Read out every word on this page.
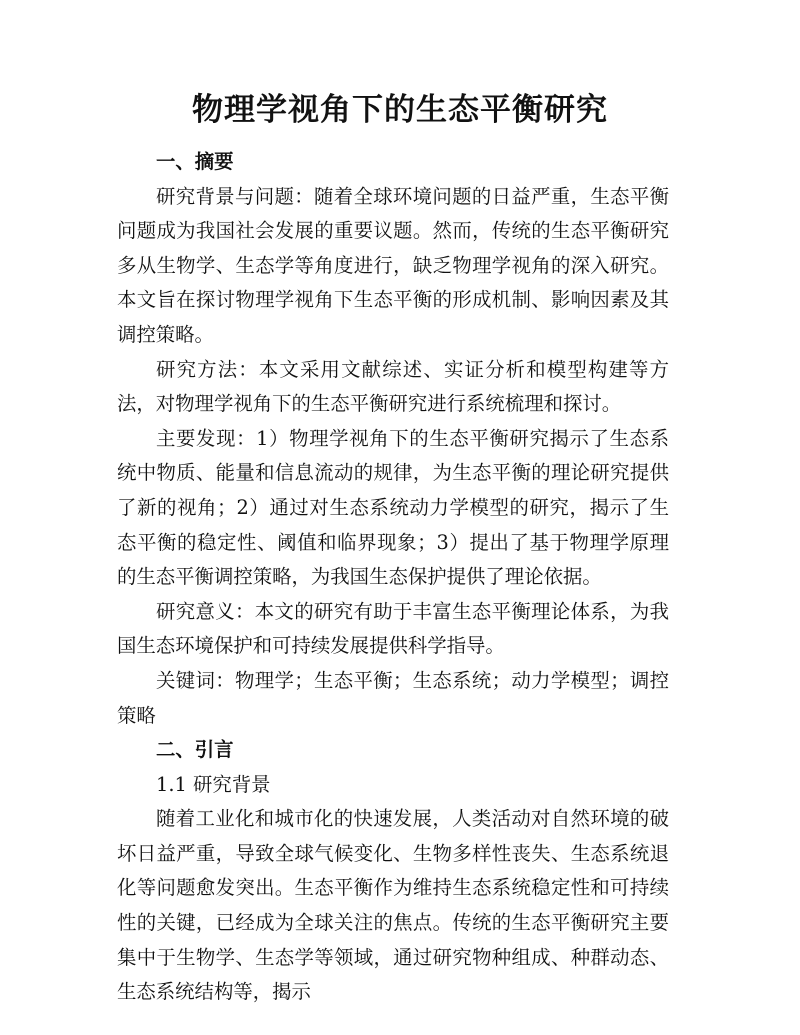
物理学视角下的生态平衡研究

一、摘要

研究背景与问题：随着全球环境问题的日益严重，生态平衡问题成为我国社会发展的重要议题。然而，传统的生态平衡研究多从生物学、生态学等角度进行，缺乏物理学视角的深入研究。本文旨在探讨物理学视角下生态平衡的形成机制、影响因素及其调控策略。

研究方法：本文采用文献综述、实证分析和模型构建等方法，对物理学视角下的生态平衡研究进行系统梳理和探讨。

主要发现：1）物理学视角下的生态平衡研究揭示了生态系统中物质、能量和信息流动的规律，为生态平衡的理论研究提供了新的视角；2）通过对生态系统动力学模型的研究，揭示了生态平衡的稳定性、阈值和临界现象；3）提出了基于物理学原理的生态平衡调控策略，为我国生态保护提供了理论依据。

研究意义：本文的研究有助于丰富生态平衡理论体系，为我国生态环境保护和可持续发展提供科学指导。

关键词：物理学；生态平衡；生态系统；动力学模型；调控策略

二、引言

1.1 研究背景

随着工业化和城市化的快速发展，人类活动对自然环境的破坏日益严重，导致全球气候变化、生物多样性丧失、生态系统退化等问题愈发突出。生态平衡作为维持生态系统稳定性和可持续性的关键，已经成为全球关注的焦点。传统的生态平衡研究主要集中于生物学、生态学等领域，通过研究物种组成、种群动态、生态系统结构等，揭示
